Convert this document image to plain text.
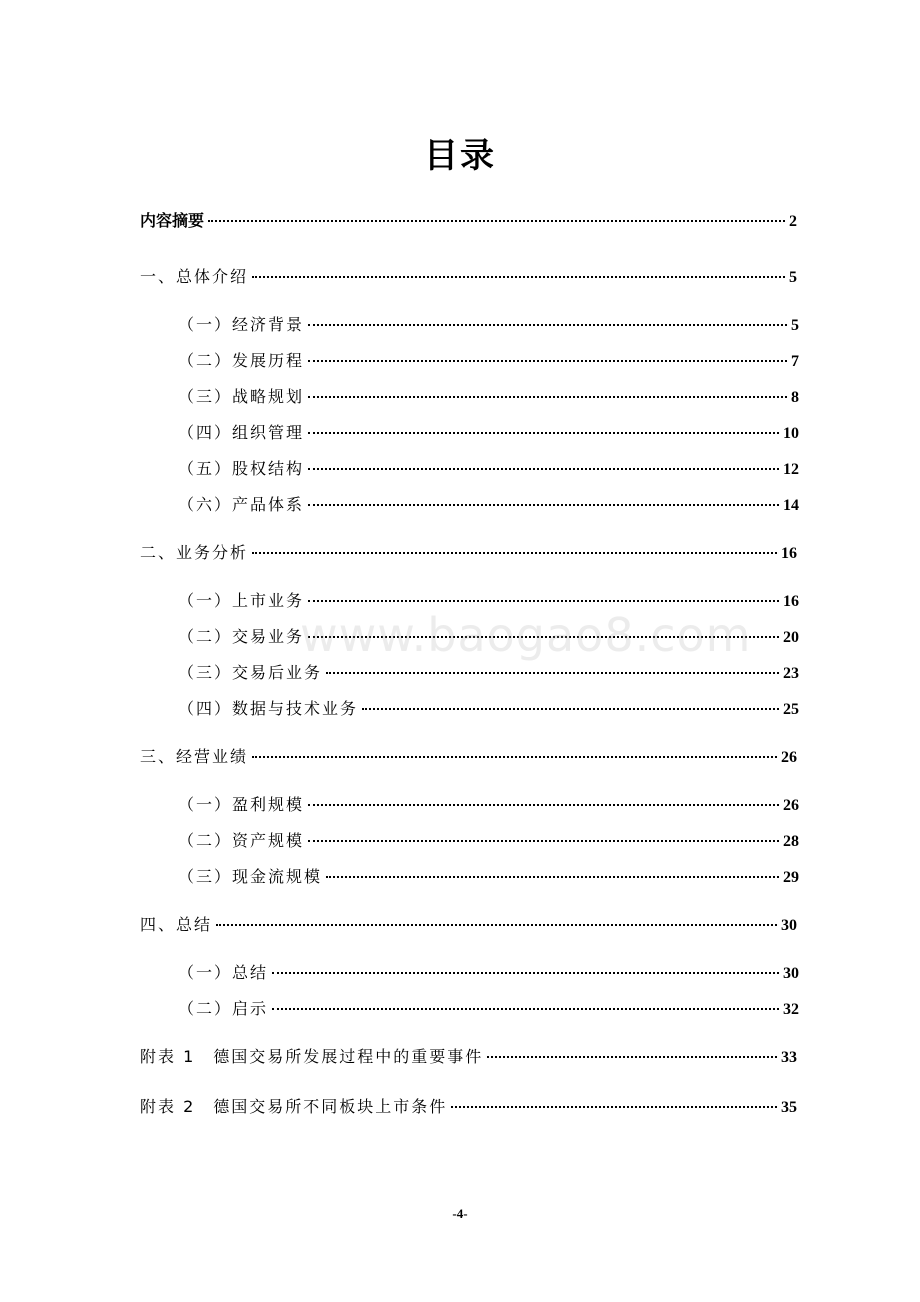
目录
内容摘要	2
一、总体介绍	5
（一）经济背景	5
（二）发展历程	7
（三）战略规划	8
（四）组织管理	10
（五）股权结构	12
（六）产品体系	14
二、业务分析	16
（一）上市业务	16
（二）交易业务	20
（三）交易后业务	23
（四）数据与技术业务	25
三、经营业绩	26
（一）盈利规模	26
（二）资产规模	28
（三）现金流规模	29
四、总结	30
（一）总结	30
（二）启示	32
附表 1　德国交易所发展过程中的重要事件	33
附表 2　德国交易所不同板块上市条件	35
www.baogao8.com
-4-
